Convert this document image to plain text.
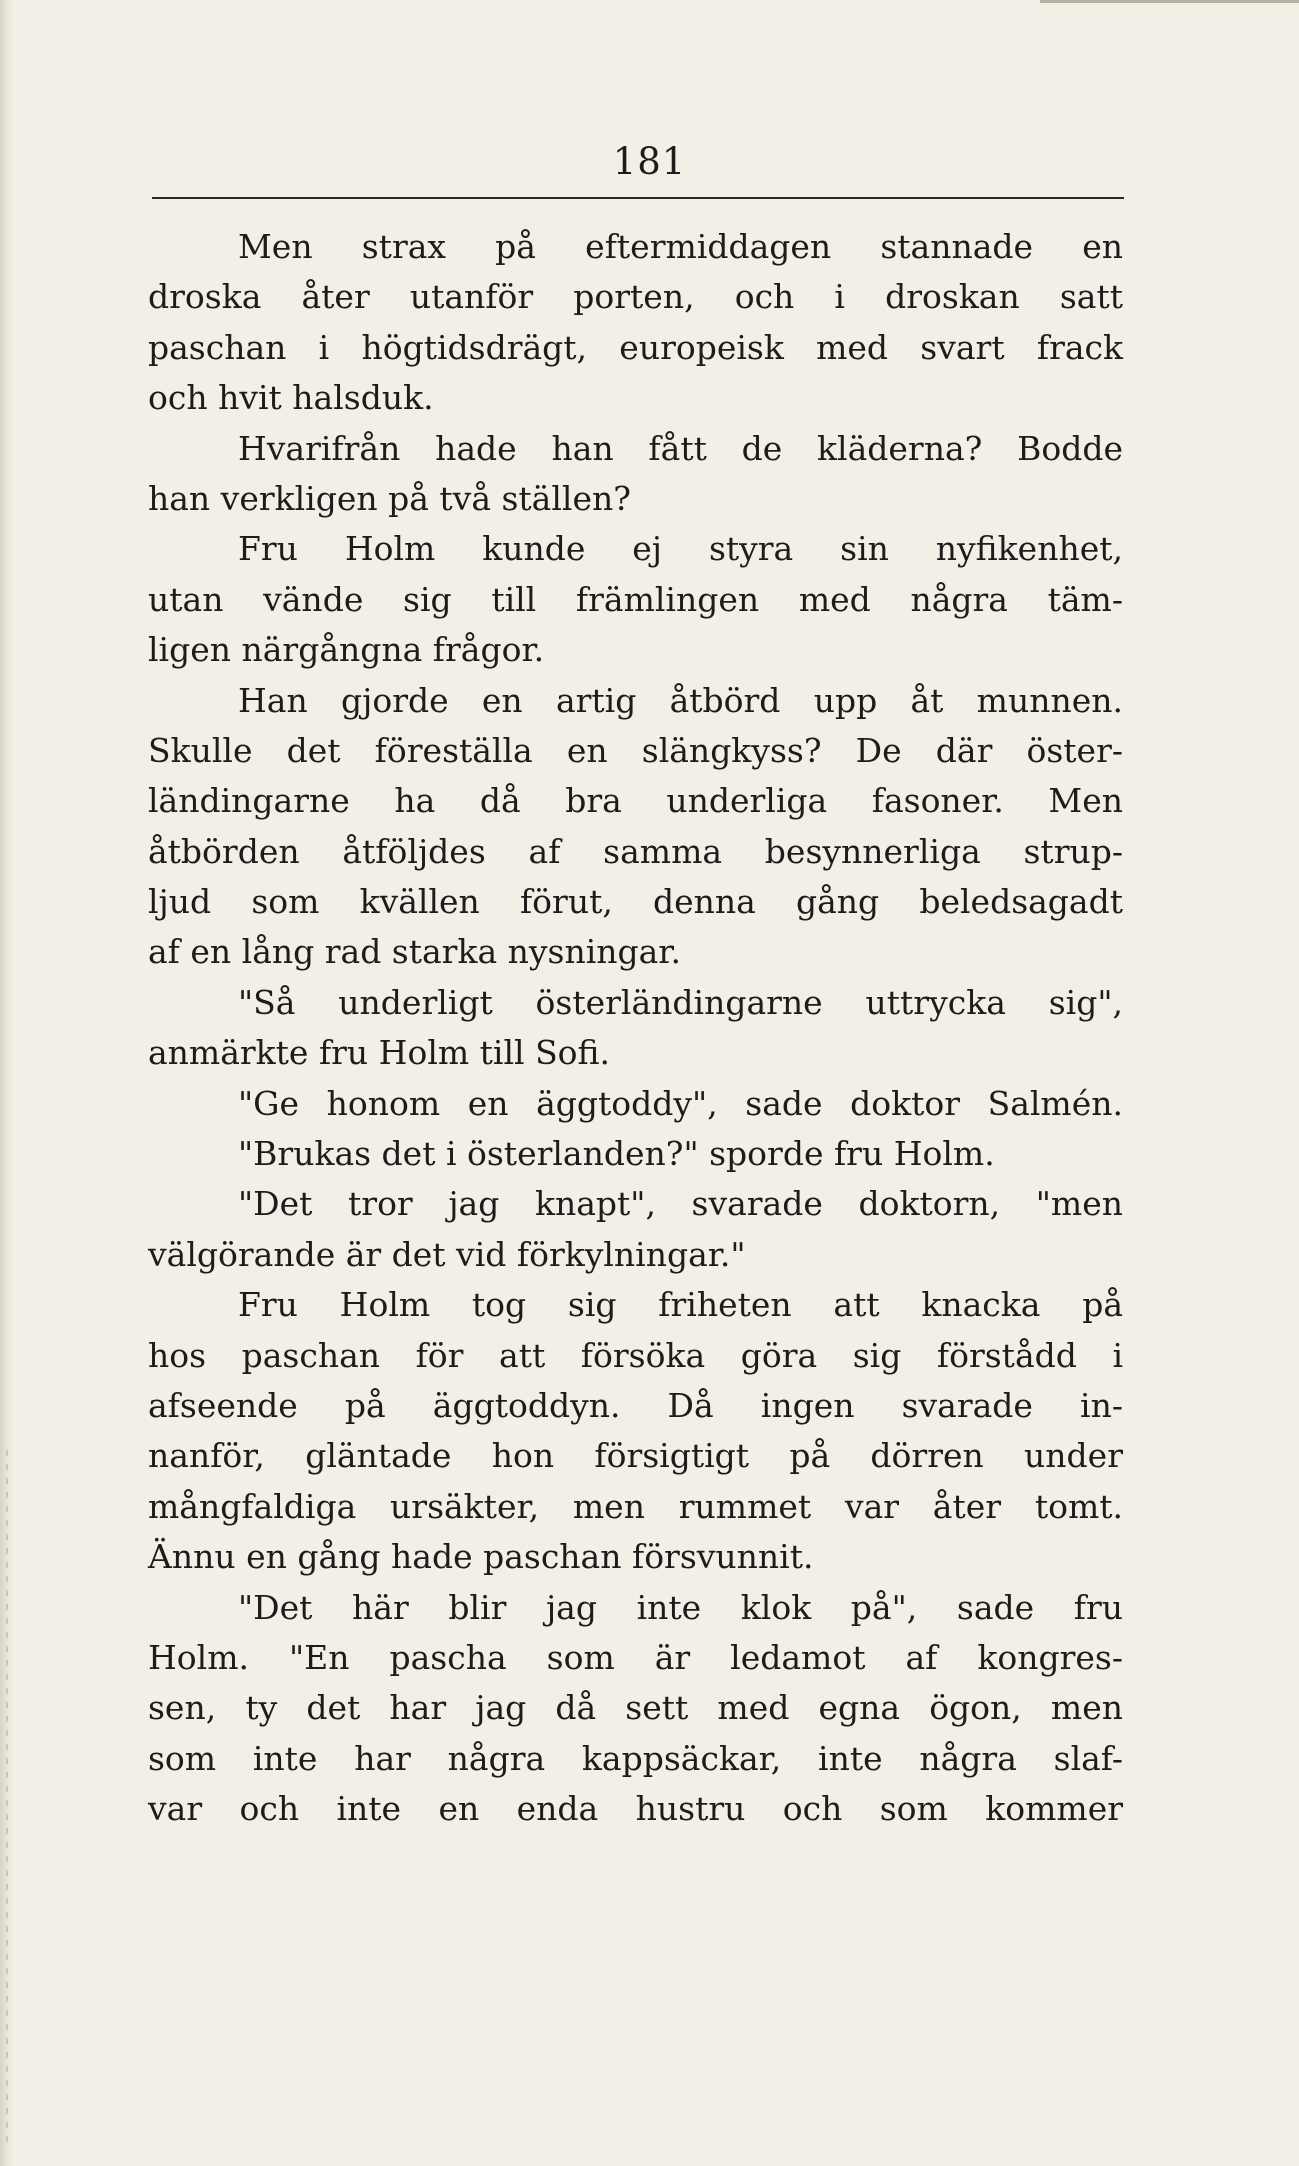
181
Men strax på eftermiddagen stannade en
droska åter utanför porten, och i droskan satt
paschan i högtidsdrägt, europeisk med svart frack
och hvit halsduk.
Hvarifrån hade han fått de kläderna? Bodde
han verkligen på två ställen?
Fru Holm kunde ej styra sin nyfikenhet,
utan vände sig till främlingen med några täm-
ligen närgångna frågor.
Han gjorde en artig åtbörd upp åt munnen.
Skulle det föreställa en slängkyss? De där öster-
ländingarne ha då bra underliga fasoner. Men
åtbörden åtföljdes af samma besynnerliga strup-
ljud som kvällen förut, denna gång beledsagadt
af en lång rad starka nysningar.
"Så underligt österländingarne uttrycka sig",
anmärkte fru Holm till Sofi.
"Ge honom en äggtoddy", sade doktor Salmén.
"Brukas det i österlanden?" sporde fru Holm.
"Det tror jag knapt", svarade doktorn, "men
välgörande är det vid förkylningar."
Fru Holm tog sig friheten att knacka på
hos paschan för att försöka göra sig förstådd i
afseende på äggtoddyn. Då ingen svarade in-
nanför, gläntade hon försigtigt på dörren under
mångfaldiga ursäkter, men rummet var åter tomt.
Ännu en gång hade paschan försvunnit.
"Det här blir jag inte klok på", sade fru
Holm. "En pascha som är ledamot af kongres-
sen, ty det har jag då sett med egna ögon, men
som inte har några kappsäckar, inte några slaf-
var och inte en enda hustru och som kommer
